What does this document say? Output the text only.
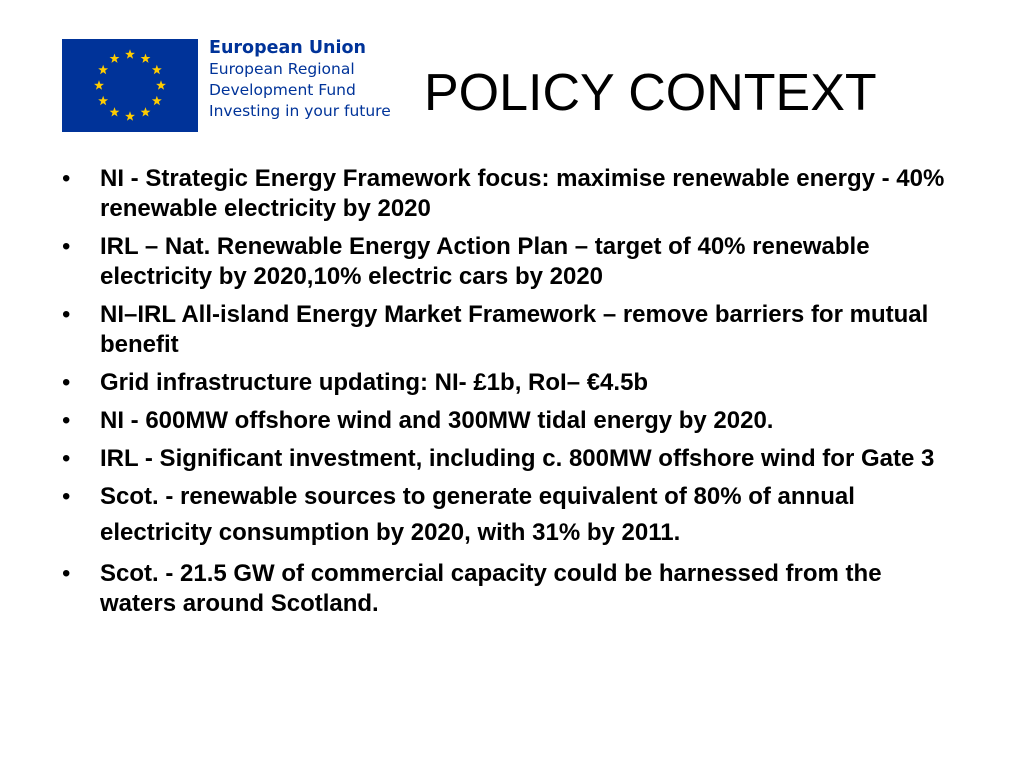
European Union
European Regional
Development Fund
Investing in your future POLICY CONTEXT
•	NI - Strategic Energy Framework focus: maximise renewable energy - 40% renewable electricity by 2020
•	IRL – Nat. Renewable Energy Action Plan – target of 40% renewable electricity by 2020,10% electric cars by 2020
•	NI–IRL All-island Energy Market Framework – remove barriers for mutual benefit
•	Grid infrastructure updating: NI- £1b, RoI– €4.5b
•	NI - 600MW offshore wind and 300MW tidal energy by 2020.
•	IRL - Significant investment, including c. 800MW offshore wind for Gate 3
•	Scot. - renewable sources to generate equivalent of 80% of annual electricity consumption by 2020, with 31% by 2011.
•	Scot. - 21.5 GW of commercial capacity could be harnessed from the waters around Scotland.
